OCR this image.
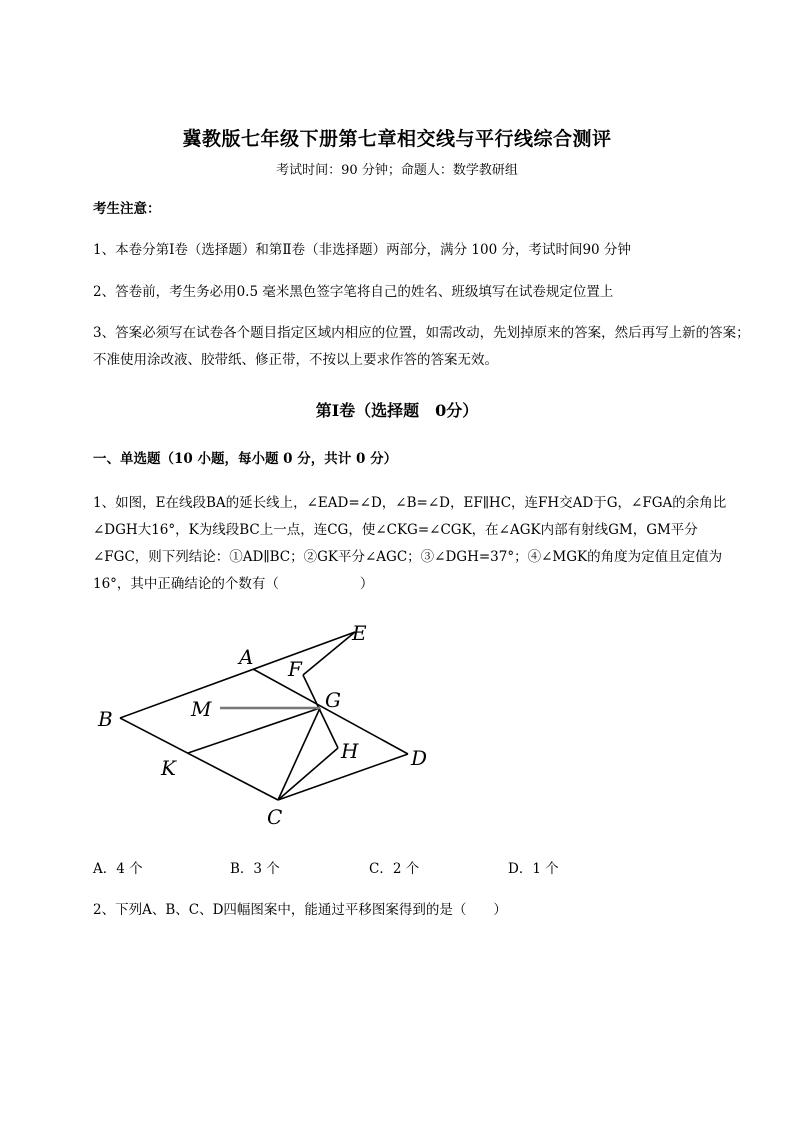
冀教版七年级下册第七章相交线与平行线综合测评
考试时间：90 分钟；命题人：数学教研组
考生注意：
1、本卷分第Ⅰ卷（选择题）和第Ⅱ卷（非选择题）两部分，满分 100 分，考试时间90 分钟
2、答卷前，考生务必用0.5 毫米黑色签字笔将自己的姓名、班级填写在试卷规定位置上
3、答案必须写在试卷各个题目指定区域内相应的位置，如需改动，先划掉原来的答案，然后再写上新的答案；不准使用涂改液、胶带纸、修正带，不按以上要求作答的答案无效。
第Ⅰ卷（选择题　0分）
一、单选题（10 小题，每小题 0 分，共计 0 分）
1、如图，E在线段BA的延长线上，∠EAD=∠D，∠B=∠D，EF∥HC，连FH交AD于G，∠FGA的余角比∠DGH大16°，K为线段BC上一点，连CG，使∠CKG=∠CGK，在∠AGK内部有射线GM，GM平分∠FGC，则下列结论：①AD∥BC；②GK平分∠AGC；③∠DGH=37°；④∠MGK的角度为定值且定值为16°，其中正确结论的个数有（　　　　　　）
E
A F
B	M	G
H	D
K
C
A．4 个	B．3 个	C．2 个	D．1 个
2、下列A、B、C、D四幅图案中，能通过平移图案得到的是（　　）
